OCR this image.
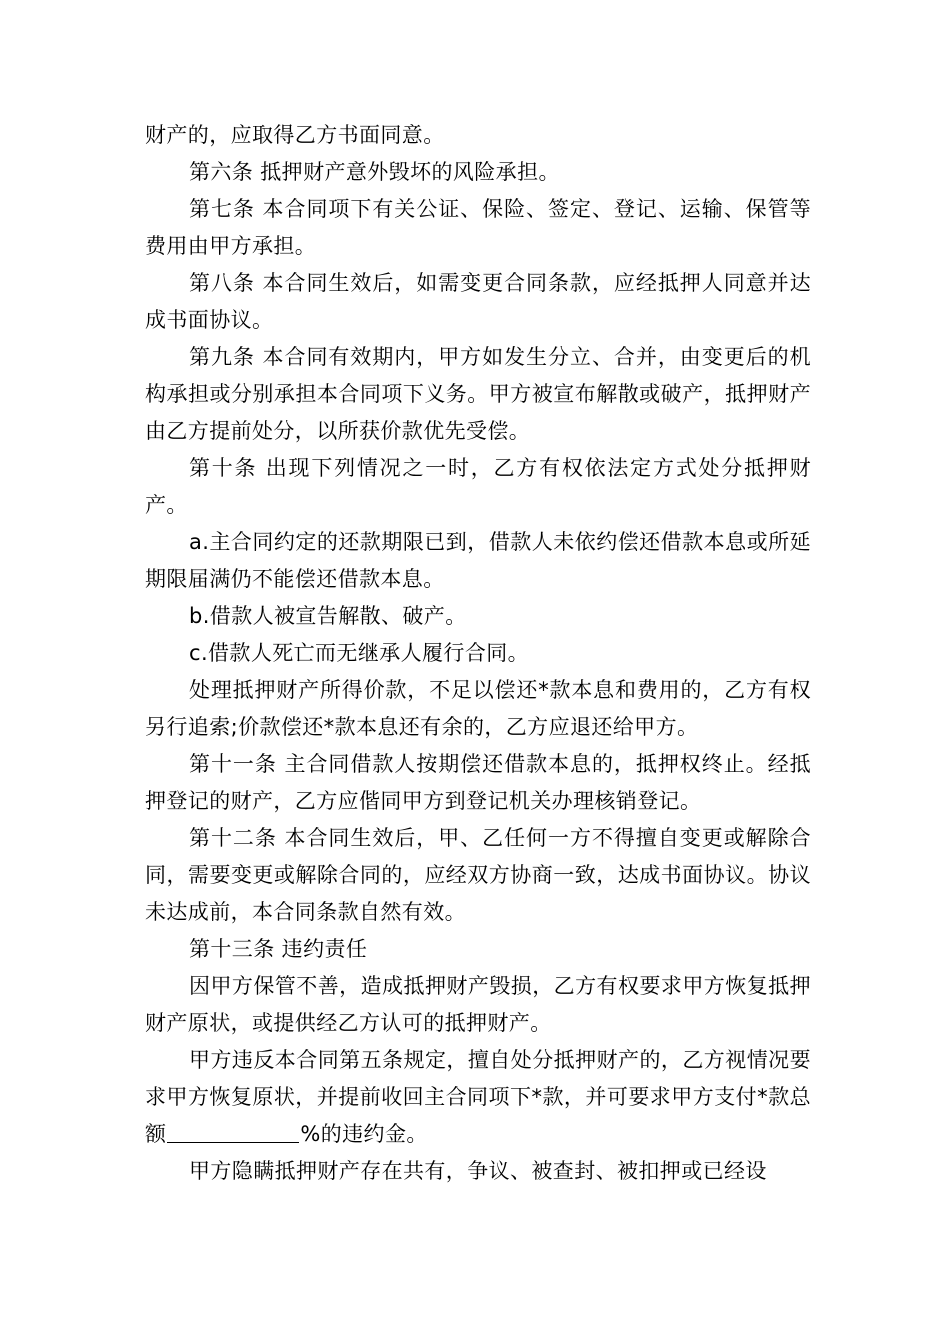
财产的，应取得乙方书面同意。

第六条 抵押财产意外毁坏的风险承担。

第七条 本合同项下有关公证、保险、签定、登记、运输、保管等费用由甲方承担。

第八条 本合同生效后，如需变更合同条款，应经抵押人同意并达成书面协议。

第九条 本合同有效期内，甲方如发生分立、合并，由变更后的机构承担或分别承担本合同项下义务。甲方被宣布解散或破产，抵押财产由乙方提前处分，以所获价款优先受偿。

第十条 出现下列情况之一时，乙方有权依法定方式处分抵押财产。

a.主合同约定的还款期限已到，借款人未依约偿还借款本息或所延期限届满仍不能偿还借款本息。

b.借款人被宣告解散、破产。

c.借款人死亡而无继承人履行合同。

处理抵押财产所得价款，不足以偿还*款本息和费用的，乙方有权另行追索;价款偿还*款本息还有余的，乙方应退还给甲方。

第十一条 主合同借款人按期偿还借款本息的，抵押权终止。经抵押登记的财产，乙方应偕同甲方到登记机关办理核销登记。

第十二条 本合同生效后，甲、乙任何一方不得擅自变更或解除合同，需要变更或解除合同的，应经双方协商一致，达成书面协议。协议未达成前，本合同条款自然有效。

第十三条 违约责任

因甲方保管不善，造成抵押财产毁损，乙方有权要求甲方恢复抵押财产原状，或提供经乙方认可的抵押财产。

甲方违反本合同第五条规定，擅自处分抵押财产的，乙方视情况要求甲方恢复原状，并提前收回主合同项下*款，并可要求甲方支付*款总额	%的违约金。

甲方隐瞒抵押财产存在共有，争议、被查封、被扣押或已经设
